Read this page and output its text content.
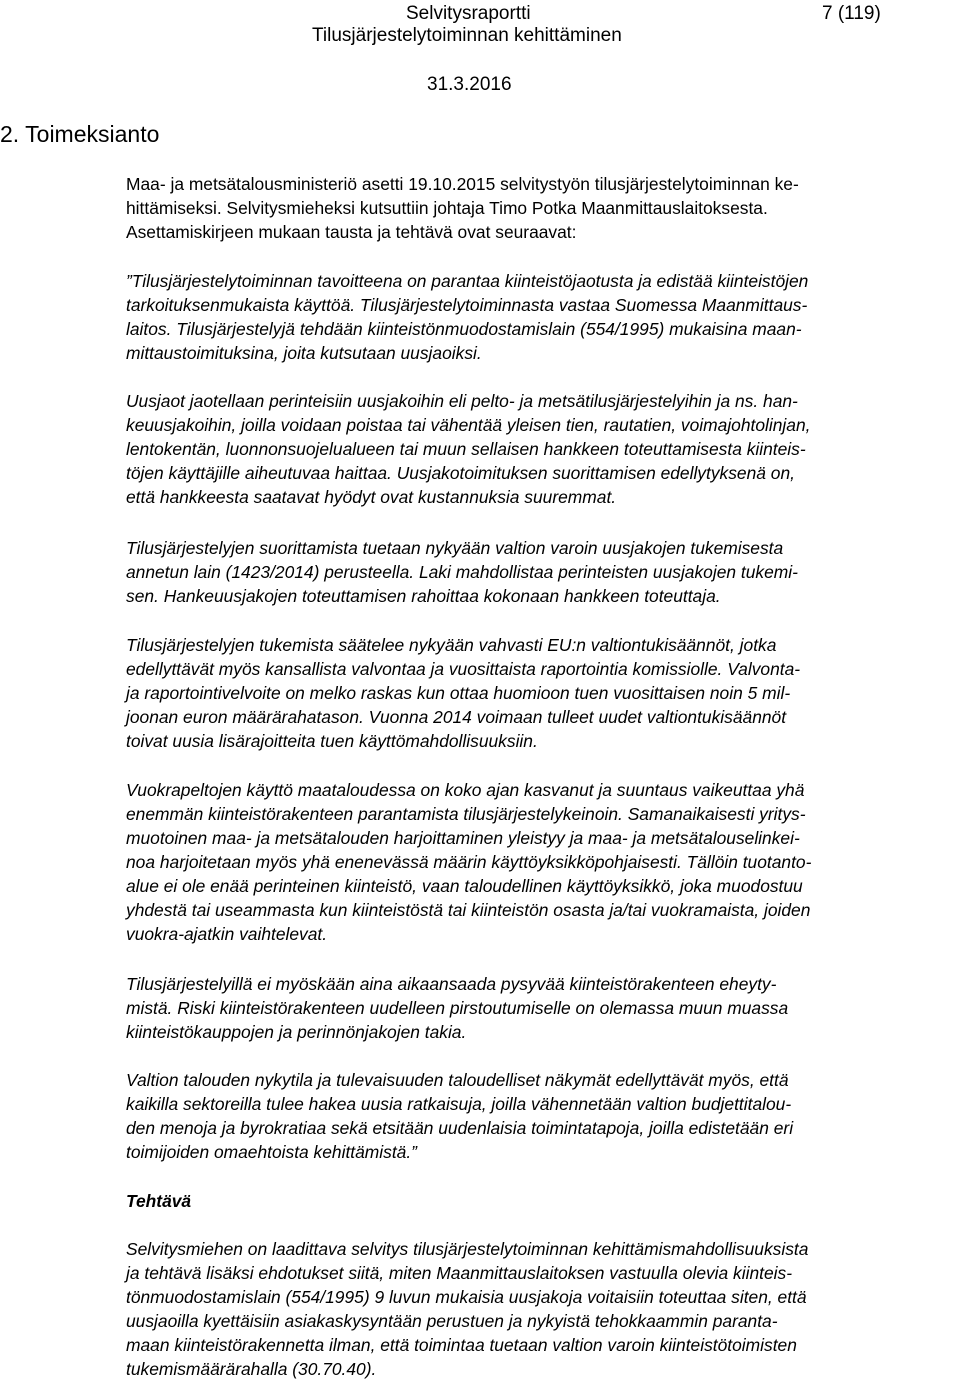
Selvitysraportti
Tilusjärjestelytoiminnan kehittäminen
7 (119)
31.3.2016
2. Toimeksianto

Maa- ja metsätalousministeriö asetti 19.10.2015 selvitystyön tilusjärjestelytoiminnan ke-
hittämiseksi. Selvitysmieheksi kutsuttiin johtaja Timo Potka Maanmittauslaitoksesta.
Asettamiskirjeen mukaan tausta ja tehtävä ovat seuraavat:

”Tilusjärjestelytoiminnan tavoitteena on parantaa kiinteistöjaotusta ja edistää kiinteistöjen
tarkoituksenmukaista käyttöä. Tilusjärjestelytoiminnasta vastaa Suomessa Maanmittaus-
laitos. Tilusjärjestelyjä tehdään kiinteistönmuodostamislain (554/1995) mukaisina maan-
mittaustoimituksina, joita kutsutaan uusjaoiksi.

Uusjaot jaotellaan perinteisiin uusjakoihin eli pelto- ja metsätilusjärjestelyihin ja ns. han-
keuusjakoihin, joilla voidaan poistaa tai vähentää yleisen tien, rautatien, voimajohtolinjan,
lentokentän, luonnonsuojelualueen tai muun sellaisen hankkeen toteuttamisesta kiinteis-
töjen käyttäjille aiheutuvaa haittaa. Uusjakotoimituksen suorittamisen edellytyksenä on,
että hankkeesta saatavat hyödyt ovat kustannuksia suuremmat.

Tilusjärjestelyjen suorittamista tuetaan nykyään valtion varoin uusjakojen tukemisesta
annetun lain (1423/2014) perusteella. Laki mahdollistaa perinteisten uusjakojen tukemi-
sen. Hankeuusjakojen toteuttamisen rahoittaa kokonaan hankkeen toteuttaja.

Tilusjärjestelyjen tukemista säätelee nykyään vahvasti EU:n valtiontukisäännöt, jotka
edellyttävät myös kansallista valvontaa ja vuosittaista raportointia komissiolle. Valvonta-
ja raportointivelvoite on melko raskas kun ottaa huomioon tuen vuosittaisen noin 5 mil-
joonan euron määrärahatason. Vuonna 2014 voimaan tulleet uudet valtiontukisäännöt
toivat uusia lisärajoitteita tuen käyttömahdollisuuksiin.

Vuokrapeltojen käyttö maataloudessa on koko ajan kasvanut ja suuntaus vaikeuttaa yhä
enemmän kiinteistörakenteen parantamista tilusjärjestelykeinoin. Samanaikaisesti yritys-
muotoinen maa- ja metsätalouden harjoittaminen yleistyy ja maa- ja metsätalouselinkei-
noa harjoitetaan myös yhä enenevässä määrin käyttöyksikköpohjaisesti. Tällöin tuotanto-
alue ei ole enää perinteinen kiinteistö, vaan taloudellinen käyttöyksikkö, joka muodostuu
yhdestä tai useammasta kun kiinteistöstä tai kiinteistön osasta ja/tai vuokramaista, joiden
vuokra-ajatkin vaihtelevat.

Tilusjärjestelyillä ei myöskään aina aikaansaada pysyvää kiinteistörakenteen eheyty-
mistä. Riski kiinteistörakenteen uudelleen pirstoutumiselle on olemassa muun muassa
kiinteistökauppojen ja perinnönjakojen takia.

Valtion talouden nykytila ja tulevaisuuden taloudelliset näkymät edellyttävät myös, että
kaikilla sektoreilla tulee hakea uusia ratkaisuja, joilla vähennetään valtion budjettitalou-
den menoja ja byrokratiaa sekä etsitään uudenlaisia toimintatapoja, joilla edistetään eri
toimijoiden omaehtoista kehittämistä.”

Tehtävä

Selvitysmiehen on laadittava selvitys tilusjärjestelytoiminnan kehittämismahdollisuuksista
ja tehtävä lisäksi ehdotukset siitä, miten Maanmittauslaitoksen vastuulla olevia kiinteis-
tönmuodostamislain (554/1995) 9 luvun mukaisia uusjakoja voitaisiin toteuttaa siten, että
uusjaoilla kyettäisiin asiakaskysyntään perustuen ja nykyistä tehokkaammin paranta-
maan kiinteistörakennetta ilman, että toimintaa tuetaan valtion varoin kiinteistötoimisten
tukemismäärärahalla (30.70.40).
